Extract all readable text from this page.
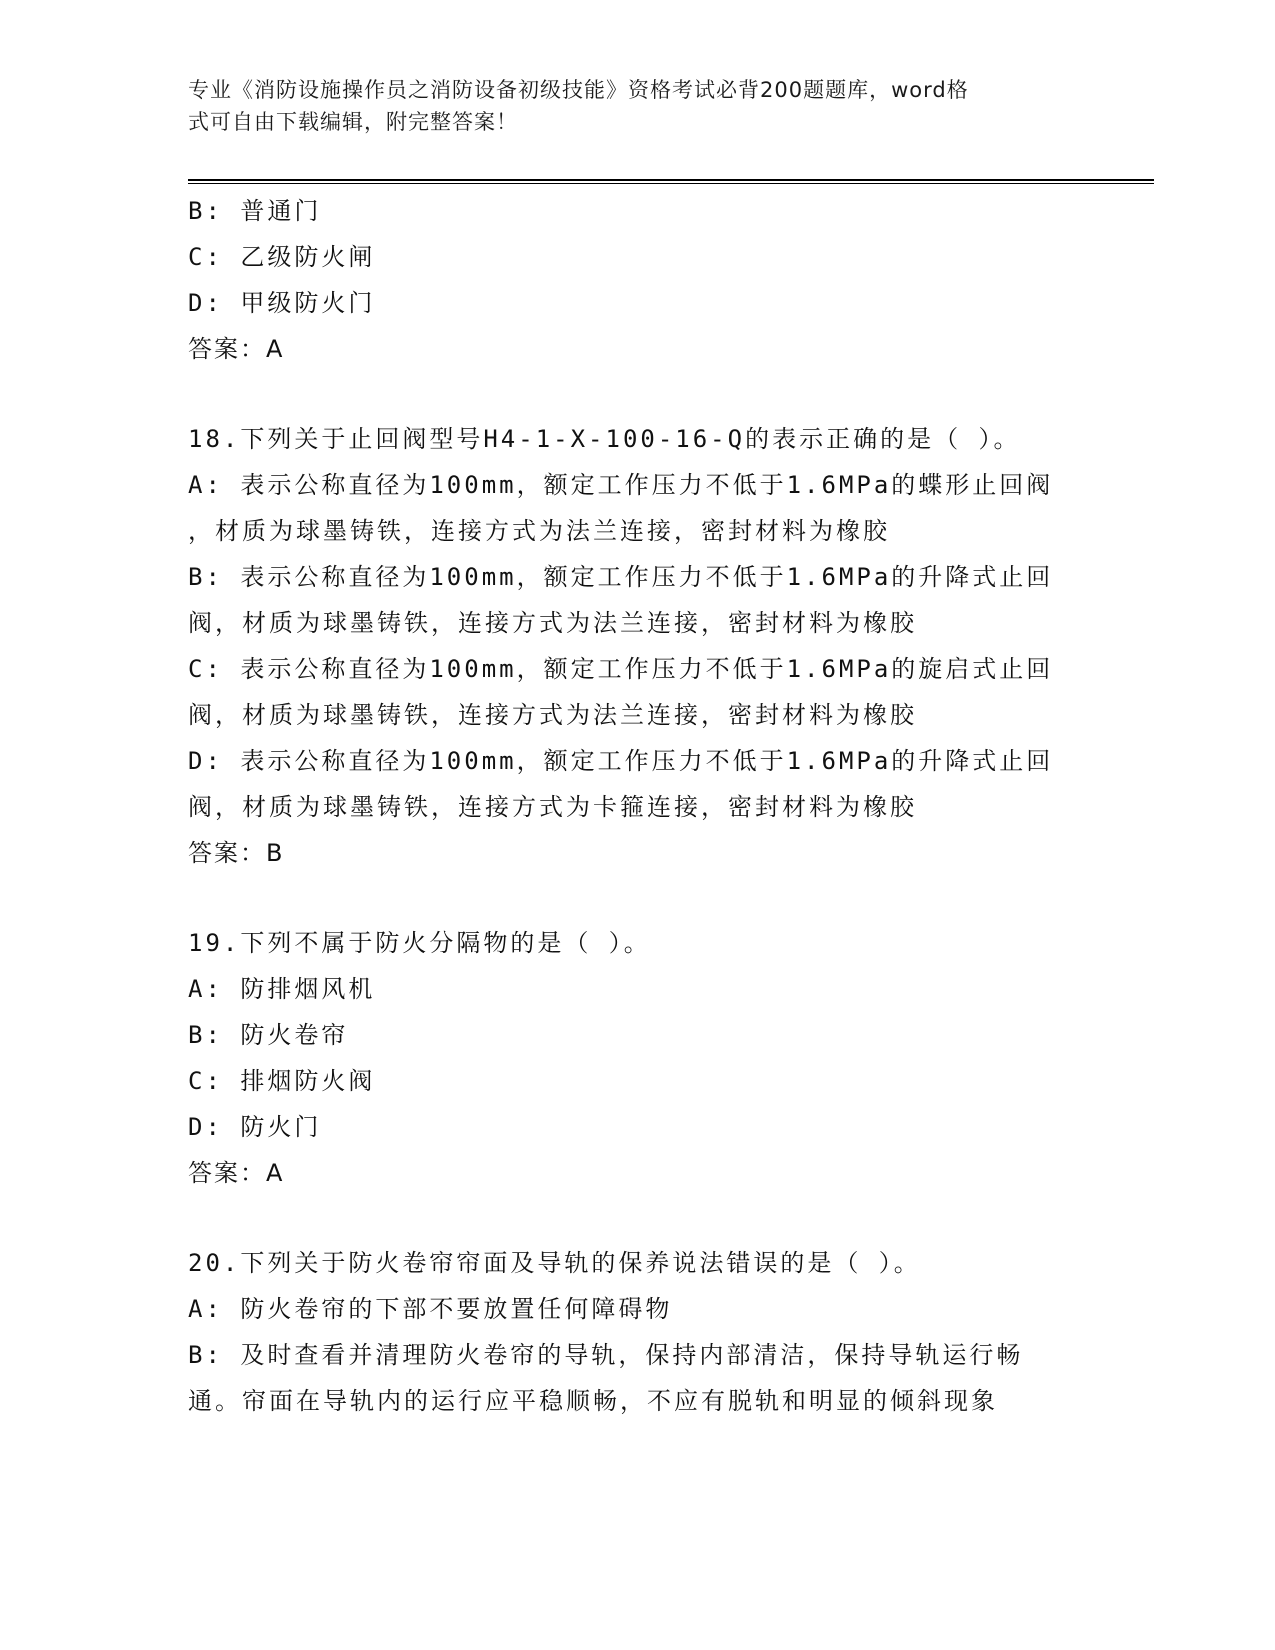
专业《消防设施操作员之消防设备初级技能》资格考试必背200题题库，word格
式可自由下载编辑，附完整答案！
B: 普通门
C: 乙级防火闸
D: 甲级防火门
答案：A
18.下列关于止回阀型号H4-1-X-100-16-Q的表示正确的是（ ）。
A: 表示公称直径为100mm，额定工作压力不低于1.6MPa的蝶形止回阀
，材质为球墨铸铁，连接方式为法兰连接，密封材料为橡胶
B: 表示公称直径为100mm，额定工作压力不低于1.6MPa的升降式止回
阀，材质为球墨铸铁，连接方式为法兰连接，密封材料为橡胶
C: 表示公称直径为100mm，额定工作压力不低于1.6MPa的旋启式止回
阀，材质为球墨铸铁，连接方式为法兰连接，密封材料为橡胶
D: 表示公称直径为100mm，额定工作压力不低于1.6MPa的升降式止回
阀，材质为球墨铸铁，连接方式为卡箍连接，密封材料为橡胶
答案：B
19.下列不属于防火分隔物的是（ ）。
A: 防排烟风机
B: 防火卷帘
C: 排烟防火阀
D: 防火门
答案：A
20.下列关于防火卷帘帘面及导轨的保养说法错误的是（ ）。
A: 防火卷帘的下部不要放置任何障碍物
B: 及时查看并清理防火卷帘的导轨，保持内部清洁，保持导轨运行畅
通。帘面在导轨内的运行应平稳顺畅，不应有脱轨和明显的倾斜现象
